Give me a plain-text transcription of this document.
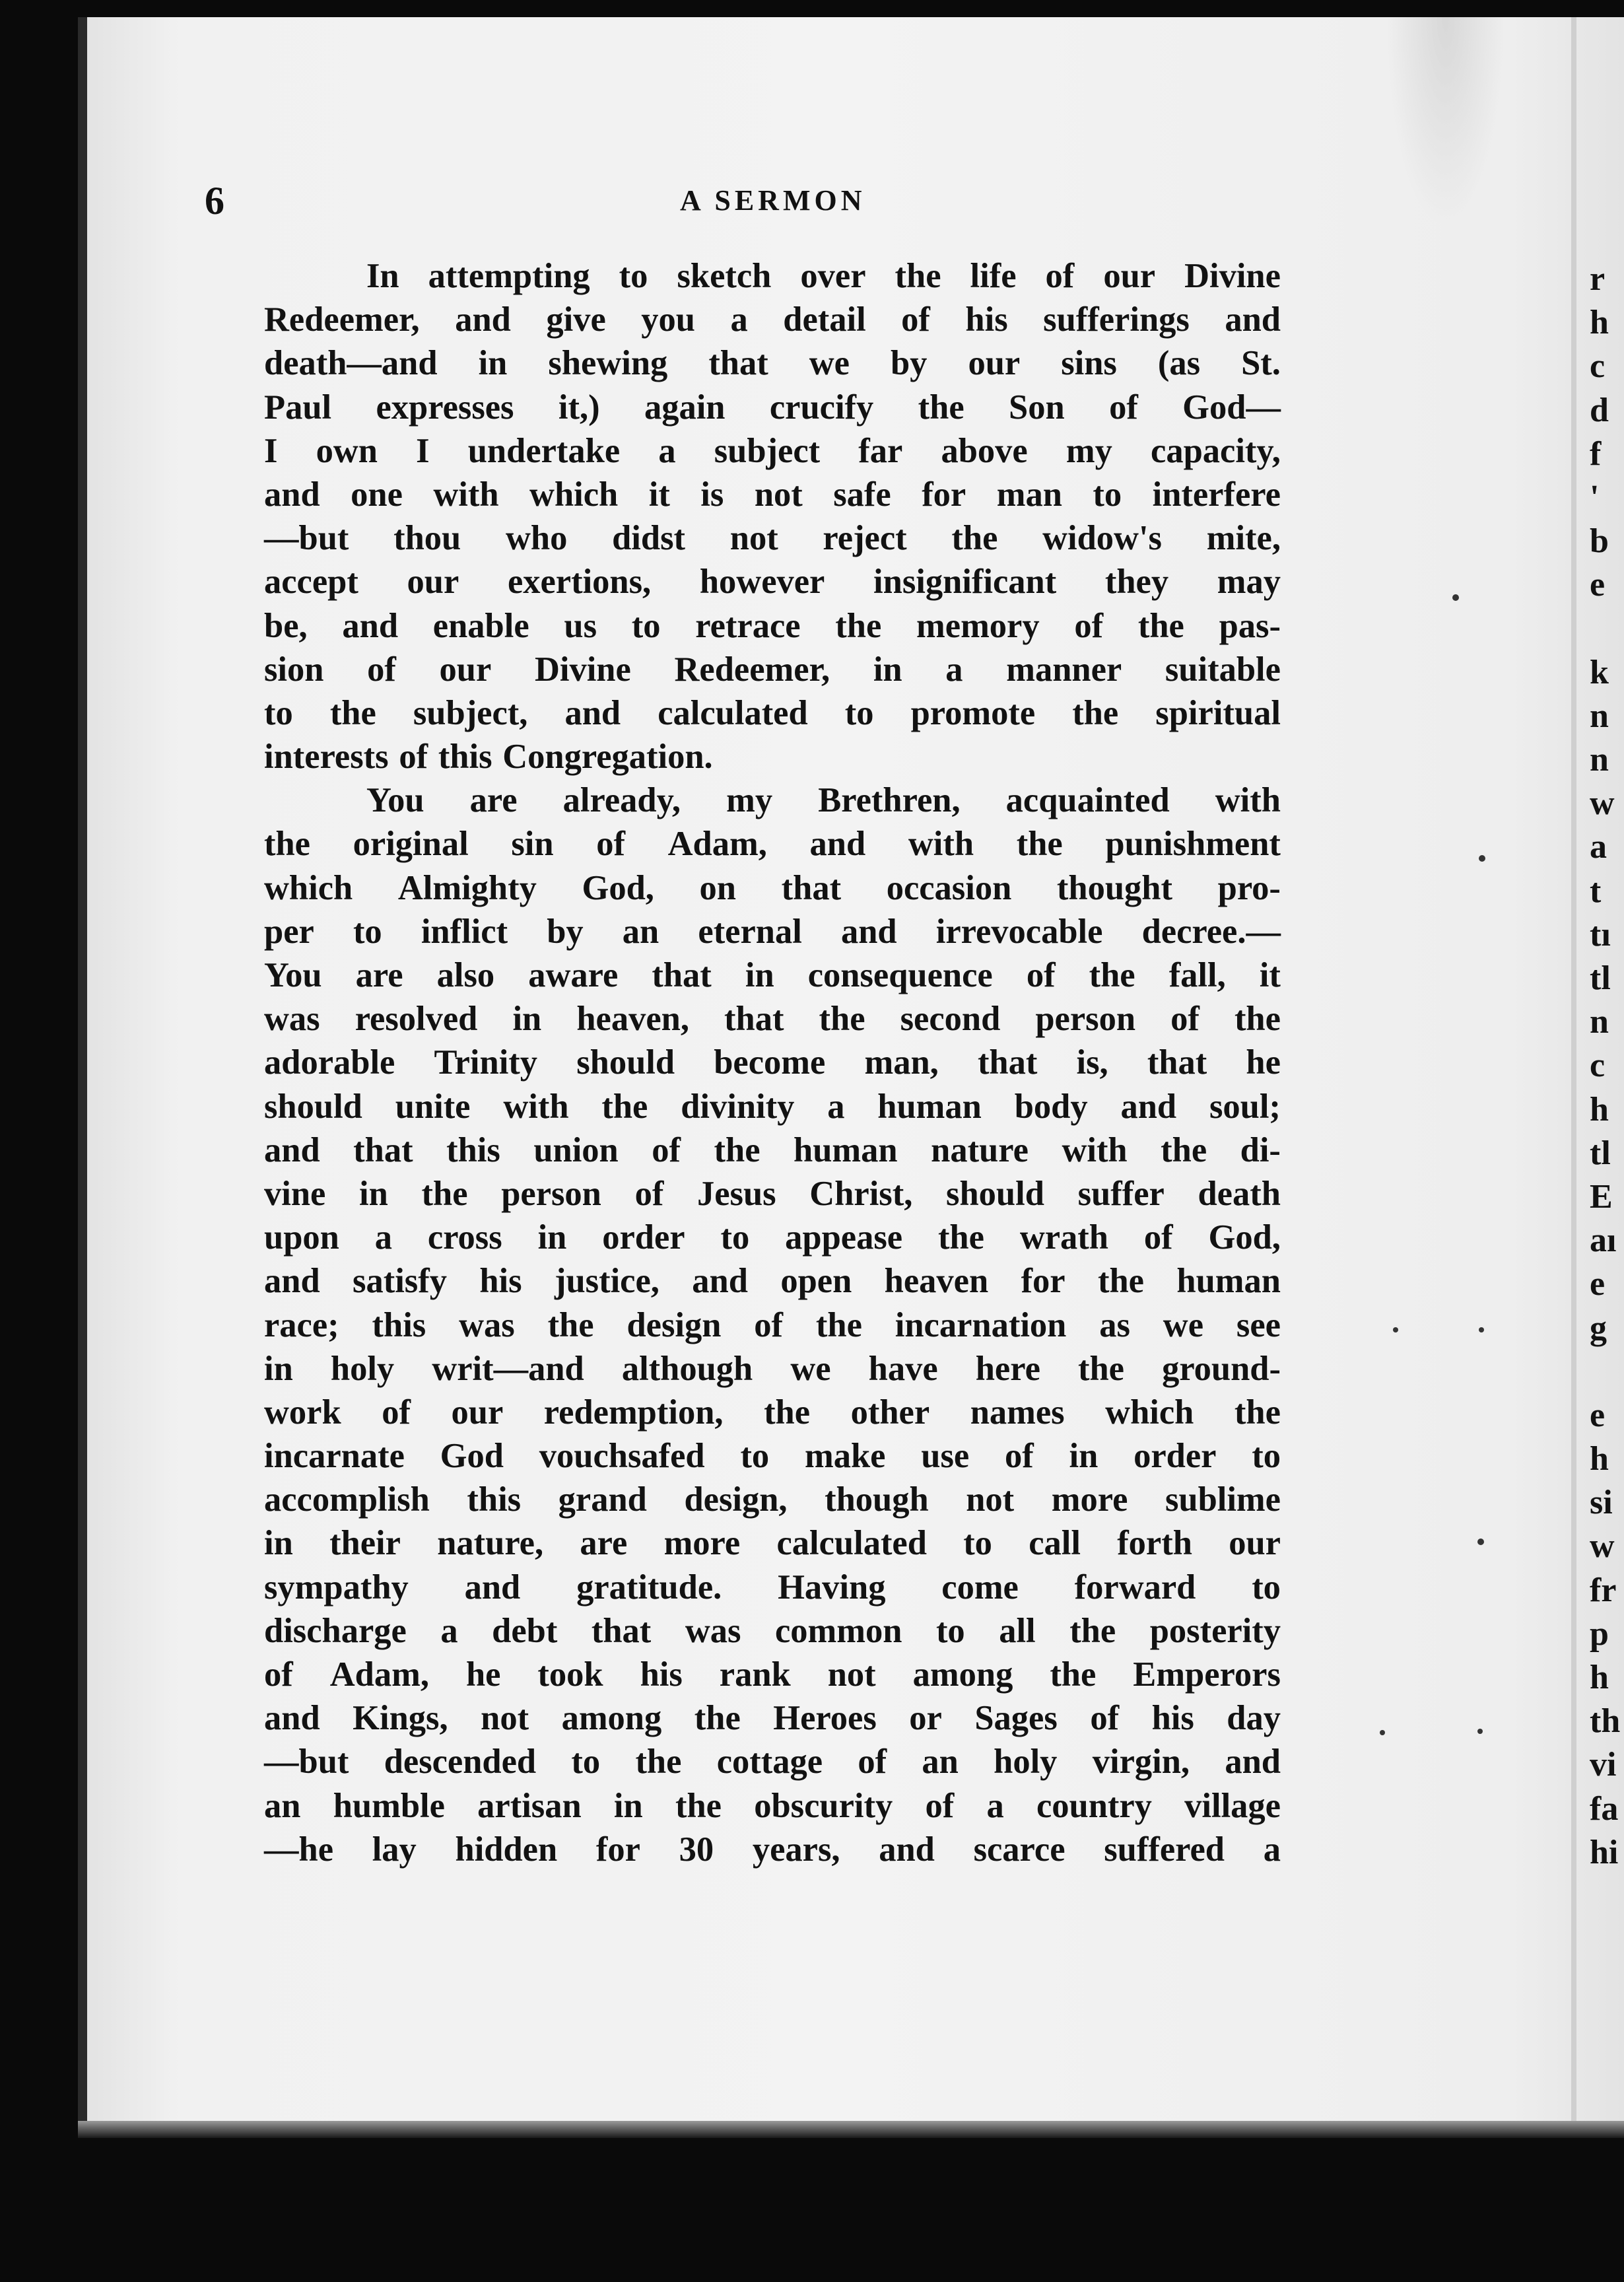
6	A SERMON
In attempting to sketch over the life of our Divine
Redeemer, and give you a detail of his sufferings and
death—and in shewing that we by our sins (as St.
Paul expresses it,) again crucify the Son of God—
I own I undertake a subject far above my capacity,
and one with which it is not safe for man to interfere
—but thou who didst not reject the widow's mite,
accept our exertions, however insignificant they may
be, and enable us to retrace the memory of the pas-
sion of our Divine Redeemer, in a manner suitable
to the subject, and calculated to promote the spiritual
interests of this Congregation.
You are already, my Brethren, acquainted with
the original sin of Adam, and with the punishment
which Almighty God, on that occasion thought pro-
per to inflict by an eternal and irrevocable decree.—
You are also aware that in consequence of the fall, it
was resolved in heaven, that the second person of the
adorable Trinity should become man, that is, that he
should unite with the divinity a human body and soul;
and that this union of the human nature with the di-
vine in the person of Jesus Christ, should suffer death
upon a cross in order to appease the wrath of God,
and satisfy his justice, and open heaven for the human
race; this was the design of the incarnation as we see
in holy writ—and although we have here the ground-
work of our redemption, the other names which the
incarnate God vouchsafed to make use of in order to
accomplish this grand design, though not more sublime
in their nature, are more calculated to call forth our
sympathy and gratitude. Having come forward to
discharge a debt that was common to all the posterity
of Adam, he took his rank not among the Emperors
and Kings, not among the Heroes or Sages of his day
—but descended to the cottage of an holy virgin, and
an humble artisan in the obscurity of a country village
—he lay hidden for 30 years, and scarce suffered a
r
h
c
d
f
'
b
e
k
n
n
w
a
t
tı
tl
n
c
h
tl
E
aı
e
g
e
h
si
w
fr
p
h
th
vi
fa
hi
